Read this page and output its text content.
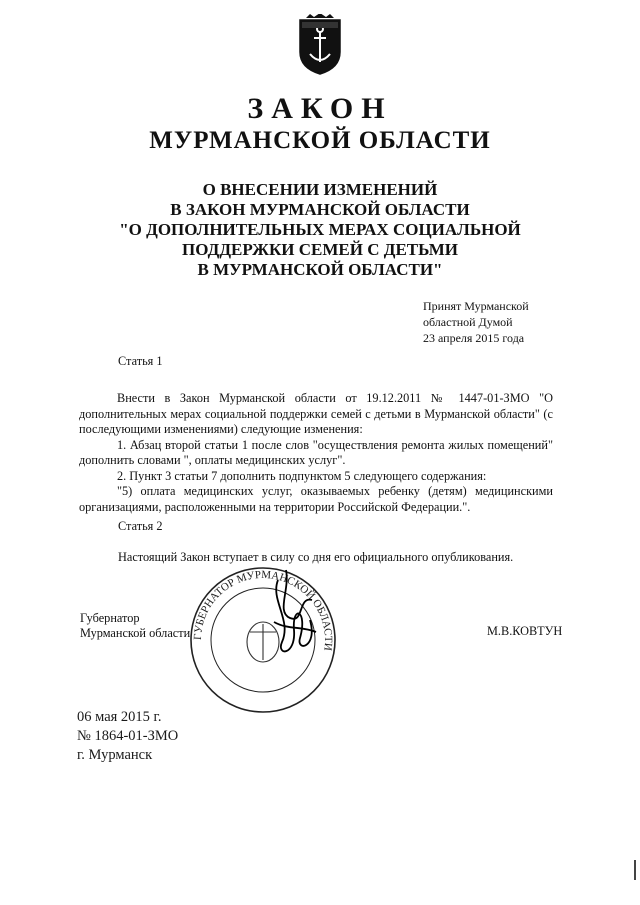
ЗАКОН
МУРМАНСКОЙ ОБЛАСТИ
О ВНЕСЕНИИ ИЗМЕНЕНИЙ
В ЗАКОН МУРМАНСКОЙ ОБЛАСТИ
"О ДОПОЛНИТЕЛЬНЫХ МЕРАХ СОЦИАЛЬНОЙ
ПОДДЕРЖКИ СЕМЕЙ С ДЕТЬМИ
В МУРМАНСКОЙ ОБЛАСТИ"
Принят Мурманской
областной Думой
23 апреля 2015 года
Статья 1

Внести в Закон Мурманской области от 19.12.2011 № 1447-01-ЗМО "О дополнительных мерах социальной поддержки семей с детьми в Мурманской области" (с последующими изменениями) следующие изменения:

1. Абзац второй статьи 1 после слов "осуществления ремонта жилых помещений" дополнить словами ", оплаты медицинских услуг".

2. Пункт 3 статьи 7 дополнить подпунктом 5 следующего содержания:

"5) оплата медицинских услуг, оказываемых ребенку (детям) медицинскими организациями, расположенными на территории Российской Федерации.".

Статья 2
Настоящий Закон вступает в силу со дня его официального опубликования.
ГУБЕРНАТОР МУРМАНСКОЙ ОБЛАСТИ
Губернатор
Мурманской области	М.В.КОВТУН
06 мая 2015 г.
№ 1864-01-ЗМО
г. Мурманск
